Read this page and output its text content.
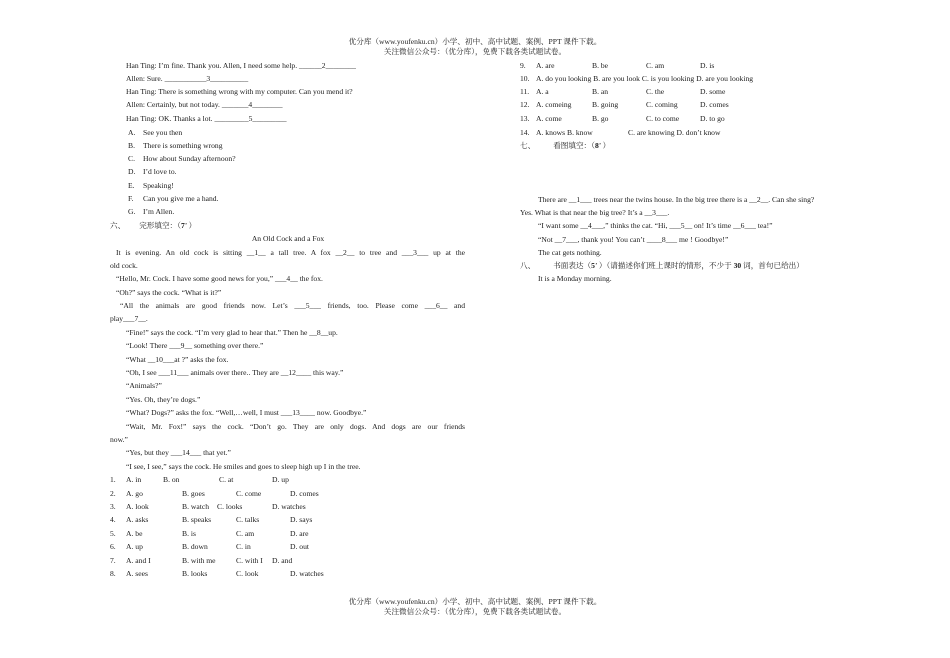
优分库（www.youfenku.cn）小学、初中、高中试题、案例、PPT 课件下载。
关注微信公众号：（优分库），免费下载各类试题试卷。
Han Ting: I’m fine. Thank you. Allen, I need some help. ______2________
Allen: Sure. ___________3__________
Han Ting: There is something wrong with my computer. Can you mend it?
Allen: Certainly, but not today. _______4________
Han Ting: OK. Thanks a lot. _________5_________
A. See you then
B. There is something wrong
C. How about Sunday afternoon?
D. I’d love to.
E. Speaking!
F. Can you give me a hand.
G. I’m Allen.
六、 完形填空：（7’ ）
An Old Cock and a Fox
It is evening. An old cock is sitting __1__ a tall tree. A fox __2__ to tree and ___3___ up at the
old cock.
“Hello, Mr. Cock. I have some good news for you,” ___4__ the fox.
“Oh?” says the cock. “What is it?”
“All the animals are good friends now. Let’s ___5___ friends, too. Please come ___6__ and
play___7__.
“Fine!” says the cock. “I’m very glad to hear that.” Then he __8__up.
“Look! There ___9__ something over there.”
“What __10___at ?” asks the fox.
“Oh, I see ___11___ animals over there.. They are __12____ this way.”
“Animals?”
“Yes. Oh, they’re dogs.”
“What? Dogs?” asks the fox. “Well,…well, I must ___13____ now. Goodbye.”
“Wait, Mr. Fox!” says the cock. “Don’t go. They are only dogs. And dogs are our friends
now.”
“Yes, but they ___14___ that yet.”
“I see, I see,” says the cock. He smiles and goes to sleep high up I in the tree.
1. A. in	B. on	C. at	D. up
2. A. go	B. goes	C. come	D. comes
3. A. look	B. watch C. looks	D. watches
4. A. asks	B. speaks	C. talks	D. says
5. A. be	B. is	C. am	D. are
6. A. up	B. down	C. in	D. out
7. A. and I	B. with me	C. with I D. and
8. A. sees	B. looks	C. look	D. watches
9. A. are	B. be	C. am	D. is
10. A. do you looking B. are you look C. is you looking D. are you looking
11. A. a	B. an	C. the	D. some
12. A. comeing	B. going	C. coming	D. comes
13. A. come	B. go	C. to come	D. to go
14. A. knows B. know	C. are knowing D. don’t know
七、 看图填空：（8’ ）
There are __1___ trees near the twins house. In the big tree there is a __2__. Can she sing?
Yes. What is that near the big tree? It’s a __3___.
“I want some __4___,” thinks the cat. “Hi, ___5__ on! It’s time __6___ tea!”
“Not __7___, thank you! You can’t ____8___ me ! Goodbye!”
The cat gets nothing.
八、 书面表达（5’ ）（请描述你们班上课时的情形，不少于 30 词，首句已给出）
It is a Monday morning.
优分库（www.youfenku.cn）小学、初中、高中试题、案例、PPT 课件下载。
关注微信公众号：（优分库），免费下载各类试题试卷。
